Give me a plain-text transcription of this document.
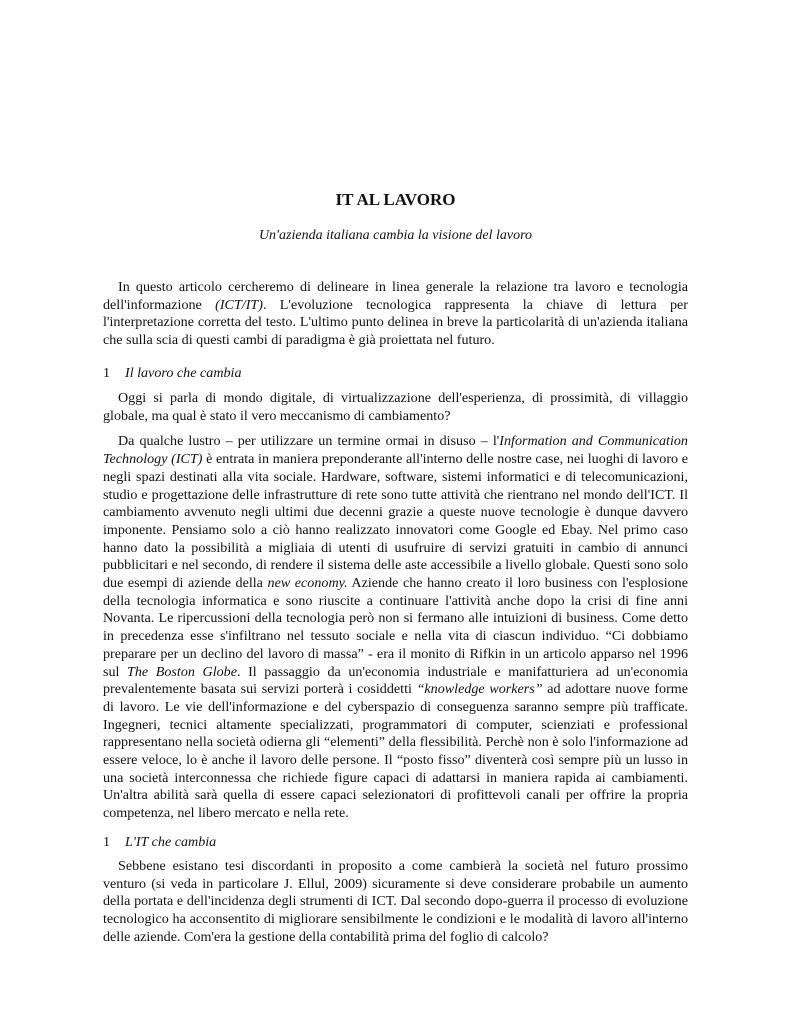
IT AL LAVORO

Un'azienda italiana cambia la visione del lavoro

In questo articolo cercheremo di delineare in linea generale la relazione tra lavoro e tecnologia dell'informazione (ICT/IT). L'evoluzione tecnologica rappresenta la chiave di lettura per l'interpretazione corretta del testo. L'ultimo punto delinea in breve la particolarità di un'azienda italiana che sulla scia di questi cambi di paradigma è già proiettata nel futuro.

1 Il lavoro che cambia

Oggi si parla di mondo digitale, di virtualizzazione dell'esperienza, di prossimità, di villaggio globale, ma qual è stato il vero meccanismo di cambiamento?

Da qualche lustro – per utilizzare un termine ormai in disuso – l'Information and Communication Technology (ICT) è entrata in maniera preponderante all'interno delle nostre case, nei luoghi di lavoro e negli spazi destinati alla vita sociale. Hardware, software, sistemi informatici e di telecomunicazioni, studio e progettazione delle infrastrutture di rete sono tutte attività che rientrano nel mondo dell'ICT. Il cambiamento avvenuto negli ultimi due decenni grazie a queste nuove tecnologie è dunque davvero imponente. Pensiamo solo a ciò hanno realizzato innovatori come Google ed Ebay. Nel primo caso hanno dato la possibilità a migliaia di utenti di usufruire di servizi gratuiti in cambio di annunci pubblicitari e nel secondo, di rendere il sistema delle aste accessibile a livello globale. Questi sono solo due esempi di aziende della new economy. Aziende che hanno creato il loro business con l'esplosione della tecnologia informatica e sono riuscite a continuare l'attività anche dopo la crisi di fine anni Novanta. Le ripercussioni della tecnologia però non si fermano alle intuizioni di business. Come detto in precedenza esse s'infiltrano nel tessuto sociale e nella vita di ciascun individuo. “Ci dobbiamo preparare per un declino del lavoro di massa” - era il monito di Rifkin in un articolo apparso nel 1996 sul The Boston Globe. Il passaggio da un'economia industriale e manifatturiera ad un'economia prevalentemente basata sui servizi porterà i cosiddetti “knowledge workers” ad adottare nuove forme di lavoro. Le vie dell'informazione e del cyberspazio di conseguenza saranno sempre più trafficate. Ingegneri, tecnici altamente specializzati, programmatori di computer, scienziati e professional rappresentano nella società odierna gli “elementi” della flessibilità. Perchè non è solo l'informazione ad essere veloce, lo è anche il lavoro delle persone. Il “posto fisso” diventerà così sempre più un lusso in una società interconnessa che richiede figure capaci di adattarsi in maniera rapida ai cambiamenti. Un'altra abilità sarà quella di essere capaci selezionatori di profittevoli canali per offrire la propria competenza, nel libero mercato e nella rete.

1 L'IT che cambia

Sebbene esistano tesi discordanti in proposito a come cambierà la società nel futuro prossimo venturo (si veda in particolare J. Ellul, 2009) sicuramente si deve considerare probabile un aumento della portata e dell'incidenza degli strumenti di ICT. Dal secondo dopo-guerra il processo di evoluzione tecnologico ha acconsentito di migliorare sensibilmente le condizioni e le modalità di lavoro all'interno delle aziende. Com'era la gestione della contabilità prima del foglio di calcolo?
